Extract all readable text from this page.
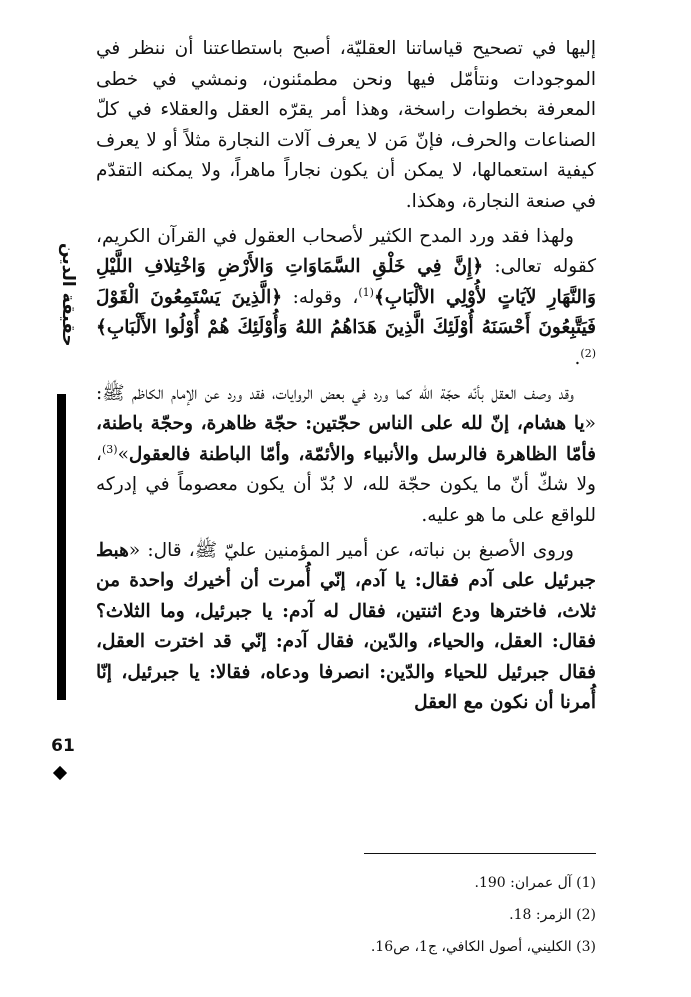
إليها في تصحيح قياساتنا العقليّة، أصبح باستطاعتنا أن ننظر في الموجودات ونتأمّل فيها ونحن مطمئنون، ونمشي في خطى المعرفة بخطوات راسخة، وهذا أمر يقرّه العقل والعقلاء في كلّ الصناعات والحرف، فإنّ مَن لا يعرف آلات النجارة مثلاً أو لا يعرف كيفية استعمالها، لا يمكن أن يكون نجاراً ماهراً، ولا يمكنه التقدّم في صنعة النجارة، وهكذا.

ولهذا فقد ورد المدح الكثير لأصحاب العقول في القرآن الكريم، كقوله تعالى: ﴿إِنَّ فِي خَلْقِ السَّمَاوَاتِ وَالأَرْضِ وَاخْتِلافِ اللَّيْلِ وَالنَّهَارِ لآيَاتٍ لأُوْلِي الألْبَابِ﴾$^{(1)}$، وقوله: ﴿الَّذِينَ يَسْتَمِعُونَ الْقَوْلَ فَيَتَّبِعُونَ أَحْسَنَهُ أُوْلَئِكَ الَّذِينَ هَدَاهُمُ اللهُ وَأُوْلَئِكَ هُمْ أُوْلُوا الأَلْبَابِ﴾$^{(2)}$.

وقد وصف العقل بأنّه حجّة الله كما ورد في بعض الروايات، فقد ورد عن الإمام الكاظم ﷺ: «يا هشام، إنّ لله على الناس حجّتين: حجّة ظاهرة، وحجّة باطنة، فأمّا الظاهرة فالرسل والأنبياء والأئمّة، وأمّا الباطنة فالعقول»$^{(3)}$، ولا شكّ أنّ ما يكون حجّة لله، لا بُدّ أن يكون معصوماً في إدركه للواقع على ما هو عليه.

وروى الأصبغ بن نباته، عن أمير المؤمنين عليّ ﷺ، قال: «هبط جبرئيل على آدم فقال: يا آدم، إنّي أُمرت أن أخيرك واحدة من ثلاث، فاخترها ودع اثنتين، فقال له آدم: يا جبرئيل، وما الثلاث؟ فقال: العقل، والحياء، والدّين، فقال آدم: إنّي قد اخترت العقل، فقال جبرئيل للحياء والدّين: انصرفا ودعاه، فقالا: يا جبرئيل، إنّا أُمرنا أن نكون مع العقل

(1) آل عمران: 190.

(2) الزمر: 18.

(3) الكليني، أصول الكافي، ج1، ص16.

حقيقة الدين
61
